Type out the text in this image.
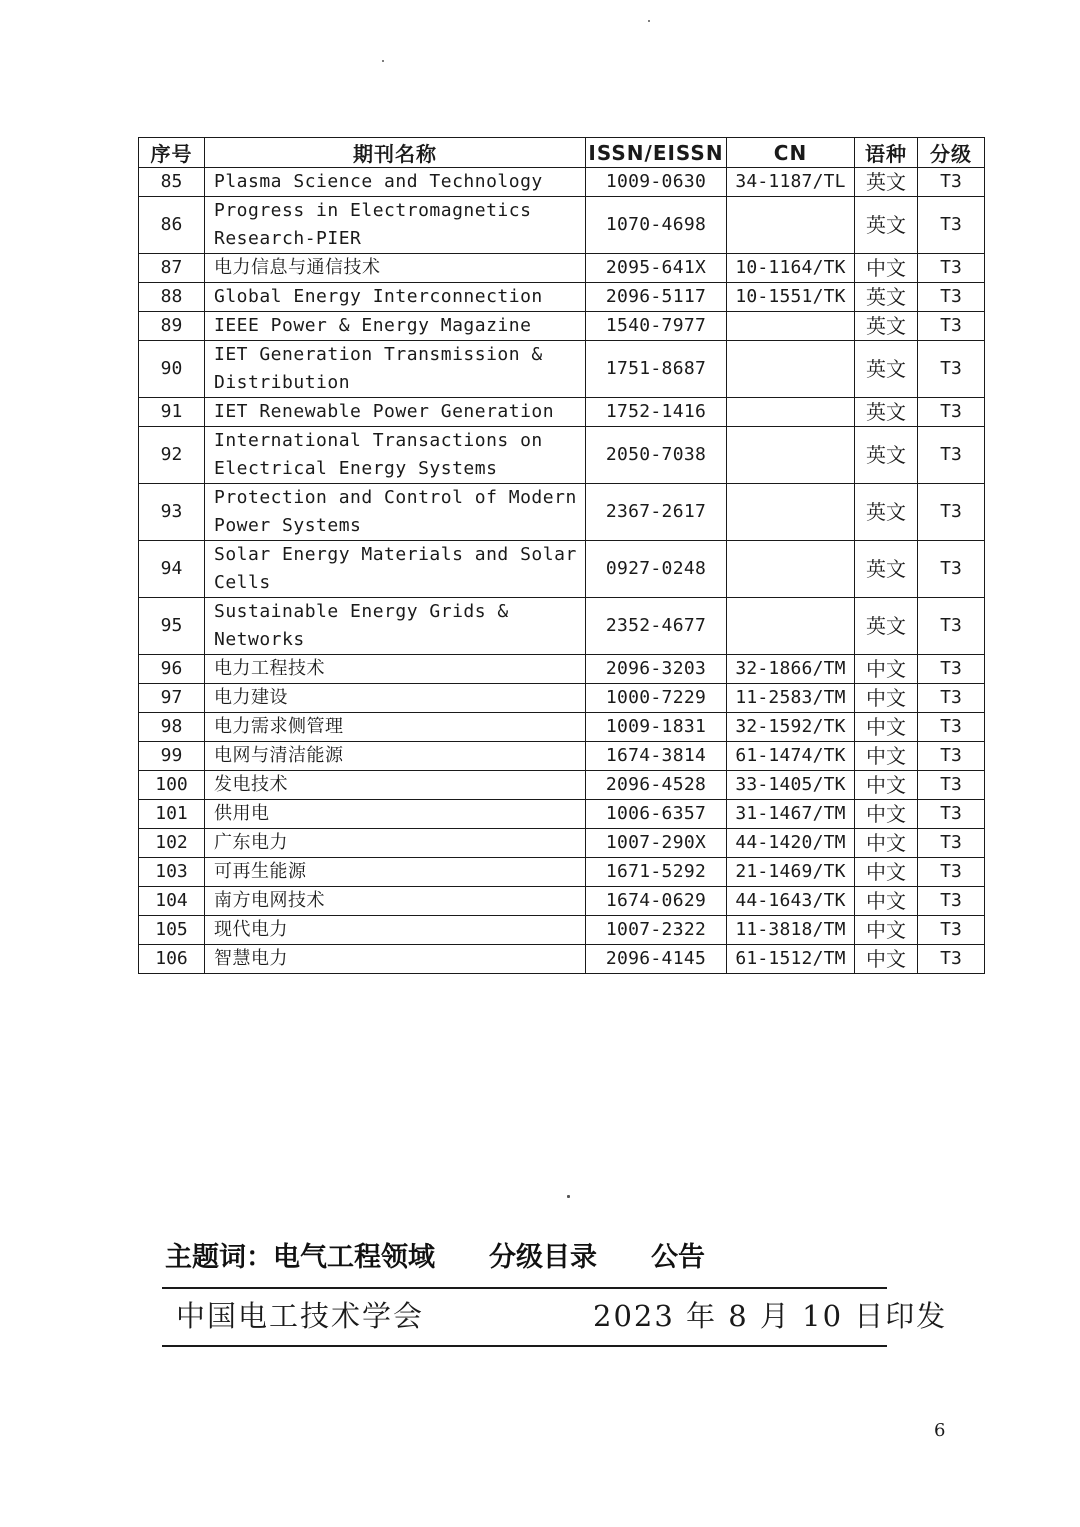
序号	期刊名称	ISSN/EISSN	CN	语种	分级
85	Plasma Science and Technology	1009-0630	34-1187/TL	英文	T3
86	Progress in Electromagnetics
Research-PIER	1070-4698		英文	T3
87	电力信息与通信技术	2095-641X	10-1164/TK	中文	T3
88	Global Energy Interconnection	2096-5117	10-1551/TK	英文	T3
89	IEEE Power & Energy Magazine	1540-7977		英文	T3
90	IET Generation Transmission &
Distribution	1751-8687		英文	T3
91	IET Renewable Power Generation	1752-1416		英文	T3
92	International Transactions on
Electrical Energy Systems	2050-7038		英文	T3
93	Protection and Control of Modern
Power Systems	2367-2617		英文	T3
94	Solar Energy Materials and Solar
Cells	0927-0248		英文	T3
95	Sustainable Energy Grids &
Networks	2352-4677		英文	T3
96	电力工程技术	2096-3203	32-1866/TM	中文	T3
97	电力建设	1000-7229	11-2583/TM	中文	T3
98	电力需求侧管理	1009-1831	32-1592/TK	中文	T3
99	电网与清洁能源	1674-3814	61-1474/TK	中文	T3
100	发电技术	2096-4528	33-1405/TK	中文	T3
101	供用电	1006-6357	31-1467/TM	中文	T3
102	广东电力	1007-290X	44-1420/TM	中文	T3
103	可再生能源	1671-5292	21-1469/TK	中文	T3
104	南方电网技术	1674-0629	44-1643/TK	中文	T3
105	现代电力	1007-2322	11-3818/TM	中文	T3
106	智慧电力	2096-4145	61-1512/TM	中文	T3
主题词：电气工程领域　　分级目录　　公告
中国电工技术学会	2023 年 8 月 10 日印发
6
